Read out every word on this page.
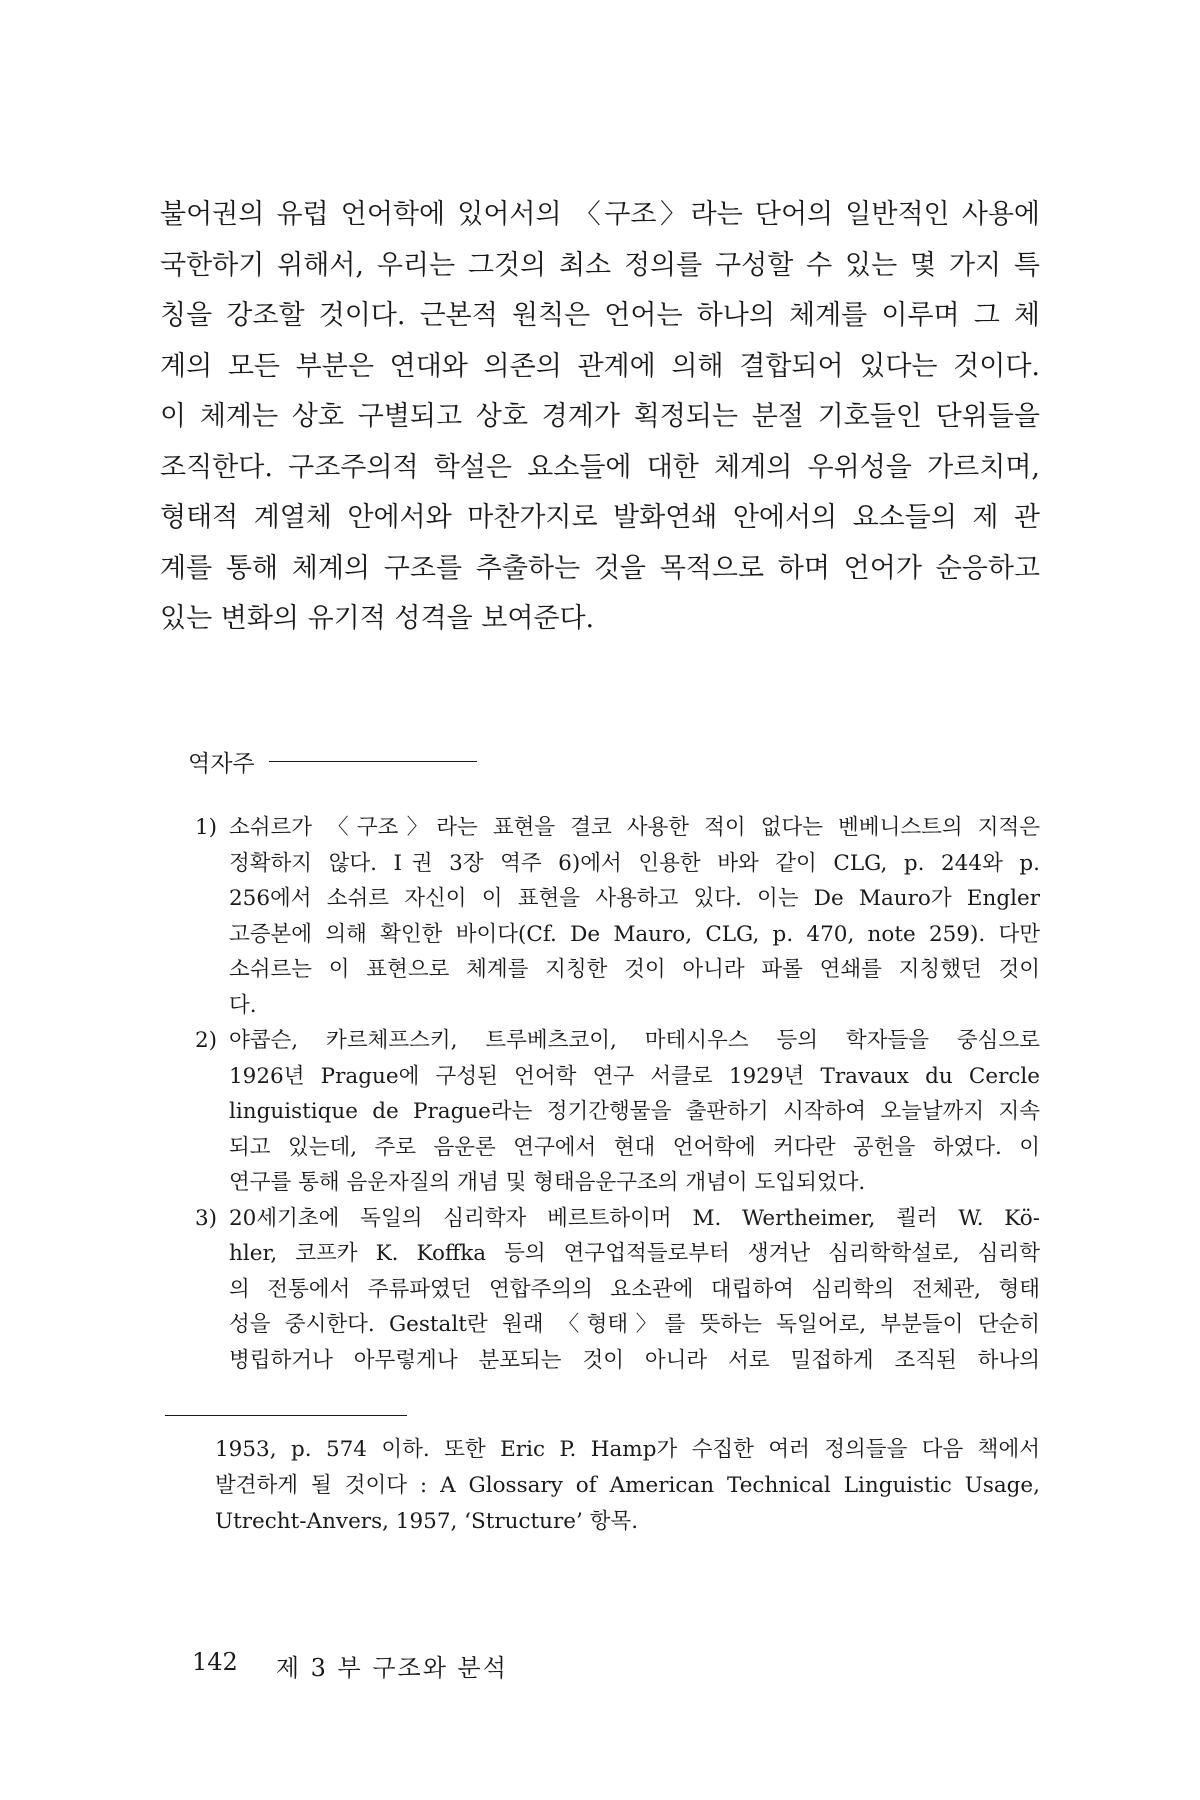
불어권의 유럽 언어학에 있어서의 〈구조〉라는 단어의 일반적인 사용에
국한하기 위해서, 우리는 그것의 최소 정의를 구성할 수 있는 몇 가지 특
칭을 강조할 것이다. 근본적 원칙은 언어는 하나의 체계를 이루며 그 체
계의 모든 부분은 연대와 의존의 관계에 의해 결합되어 있다는 것이다.
이 체계는 상호 구별되고 상호 경계가 획정되는 분절 기호들인 단위들을
조직한다. 구조주의적 학설은 요소들에 대한 체계의 우위성을 가르치며,
형태적 계열체 안에서와 마찬가지로 발화연쇄 안에서의 요소들의 제 관
계를 통해 체계의 구조를 추출하는 것을 목적으로 하며 언어가 순응하고
있는 변화의 유기적 성격을 보여준다.
역자주
1) 소쉬르가 〈구조〉라는 표현을 결코 사용한 적이 없다는 벤베니스트의 지적은
정확하지 않다. Ⅰ권 3장 역주 6)에서 인용한 바와 같이 CLG, p. 244와 p.
256에서 소쉬르 자신이 이 표현을 사용하고 있다. 이는 De Mauro가 Engler
고증본에 의해 확인한 바이다(Cf. De Mauro, CLG, p. 470, note 259). 다만
소쉬르는 이 표현으로 체계를 지칭한 것이 아니라 파롤 연쇄를 지칭했던 것이
다.
2) 야콥슨, 카르체프스키, 트루베츠코이, 마테시우스 등의 학자들을 중심으로
1926년 Prague에 구성된 언어학 연구 서클로 1929년 Travaux du Cercle
linguistique de Prague라는 정기간행물을 출판하기 시작하여 오늘날까지 지속
되고 있는데, 주로 음운론 연구에서 현대 언어학에 커다란 공헌을 하였다. 이
연구를 통해 음운자질의 개념 및 형태음운구조의 개념이 도입되었다.
3) 20세기초에 독일의 심리학자 베르트하이머 M. Wertheimer, 쾰러 W. Kö-
hler, 코프카 K. Koffka 등의 연구업적들로부터 생겨난 심리학학설로, 심리학
의 전통에서 주류파였던 연합주의의 요소관에 대립하여 심리학의 전체관, 형태
성을 중시한다. Gestalt란 원래 〈형태〉를 뜻하는 독일어로, 부분들이 단순히
병립하거나 아무렇게나 분포되는 것이 아니라 서로 밀접하게 조직된 하나의
1953, p. 574 이하. 또한 Eric P. Hamp가 수집한 여러 정의들을 다음 책에서
발견하게 될 것이다 : A Glossary of American Technical Linguistic Usage,
Utrecht-Anvers, 1957, ‘Structure’ 항목.
142 제 3 부 구조와 분석
